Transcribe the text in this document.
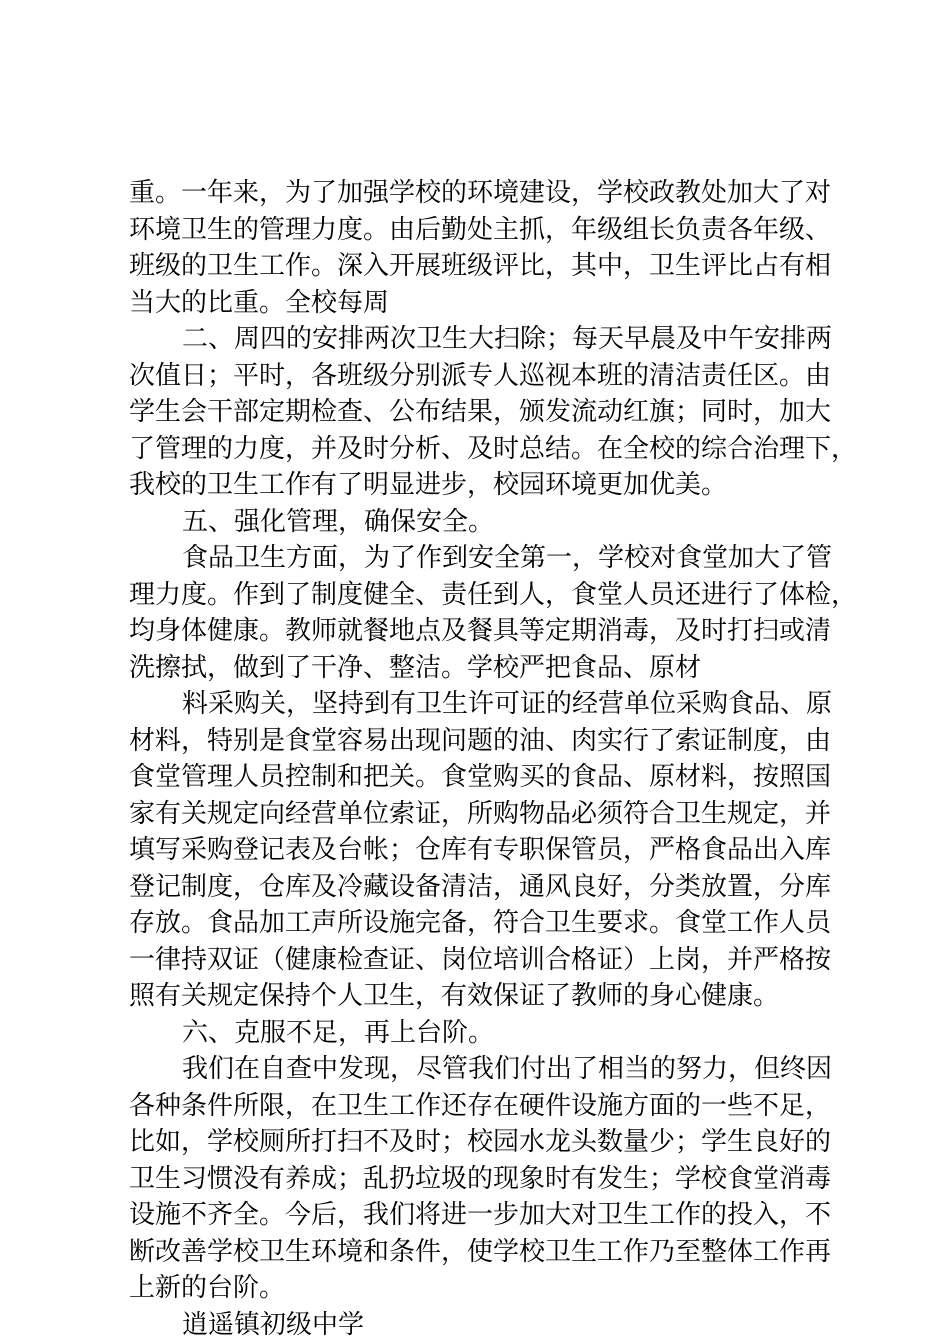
重。一年来，为了加强学校的环境建设，学校政教处加大了对
环境卫生的管理力度。由后勤处主抓，年级组长负责各年级、
班级的卫生工作。深入开展班级评比，其中，卫生评比占有相
当大的比重。全校每周
二、周四的安排两次卫生大扫除；每天早晨及中午安排两
次值日；平时，各班级分别派专人巡视本班的清洁责任区。由
学生会干部定期检查、公布结果，颁发流动红旗；同时，加大
了管理的力度，并及时分析、及时总结。在全校的综合治理下，
我校的卫生工作有了明显进步，校园环境更加优美。
五、强化管理，确保安全。
食品卫生方面，为了作到安全第一，学校对食堂加大了管
理力度。作到了制度健全、责任到人，食堂人员还进行了体检，
均身体健康。教师就餐地点及餐具等定期消毒，及时打扫或清
洗擦拭，做到了干净、整洁。学校严把食品、原材
料采购关，坚持到有卫生许可证的经营单位采购食品、原
材料，特别是食堂容易出现问题的油、肉实行了索证制度，由
食堂管理人员控制和把关。食堂购买的食品、原材料，按照国
家有关规定向经营单位索证，所购物品必须符合卫生规定，并
填写采购登记表及台帐；仓库有专职保管员，严格食品出入库
登记制度，仓库及冷藏设备清洁，通风良好，分类放置，分库
存放。食品加工声所设施完备，符合卫生要求。食堂工作人员
一律持双证（健康检查证、岗位培训合格证）上岗，并严格按
照有关规定保持个人卫生，有效保证了教师的身心健康。
六、克服不足，再上台阶。
我们在自查中发现，尽管我们付出了相当的努力，但终因
各种条件所限，在卫生工作还存在硬件设施方面的一些不足，
比如，学校厕所打扫不及时；校园水龙头数量少；学生良好的
卫生习惯没有养成；乱扔垃圾的现象时有发生；学校食堂消毒
设施不齐全。今后，我们将进一步加大对卫生工作的投入，不
断改善学校卫生环境和条件，使学校卫生工作乃至整体工作再
上新的台阶。
逍遥镇初级中学
